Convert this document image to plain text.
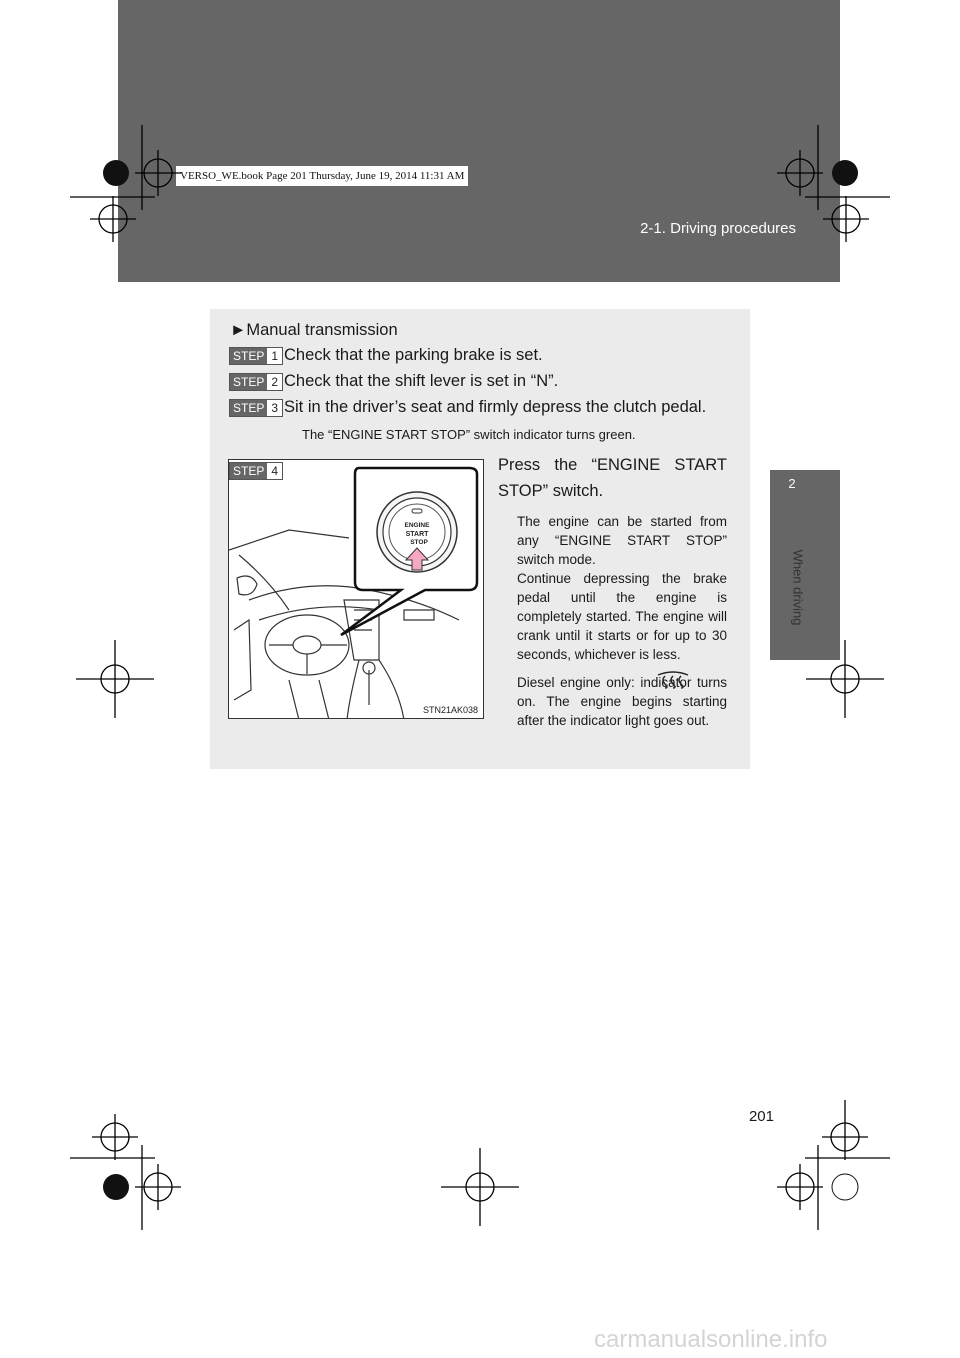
2-1. Driving procedures
VERSO_WE.book Page 201 Thursday, June 19, 2014 11:31 AM
2
When driving
►Manual transmission
STEP 1 Check that the parking brake is set.
STEP 2 Check that the shift lever is set in “N”.
STEP 3 Sit in the driver’s seat and firmly depress the clutch pedal.
The “ENGINE START STOP” switch indicator turns green.
ENGINE
START
STOP
STN21AK038
STEP 4	Press the “ENGINE START STOP” switch.
The engine can be started from any “ENGINE START STOP” switch mode.
Continue depressing the brake pedal until the engine is completely started. The engine will crank until it starts or for up to 30 seconds, whichever is less.
Diesel engine only: indicator turns on. The engine begins starting after the indicator light goes out.
201
carmanualsonline.info
